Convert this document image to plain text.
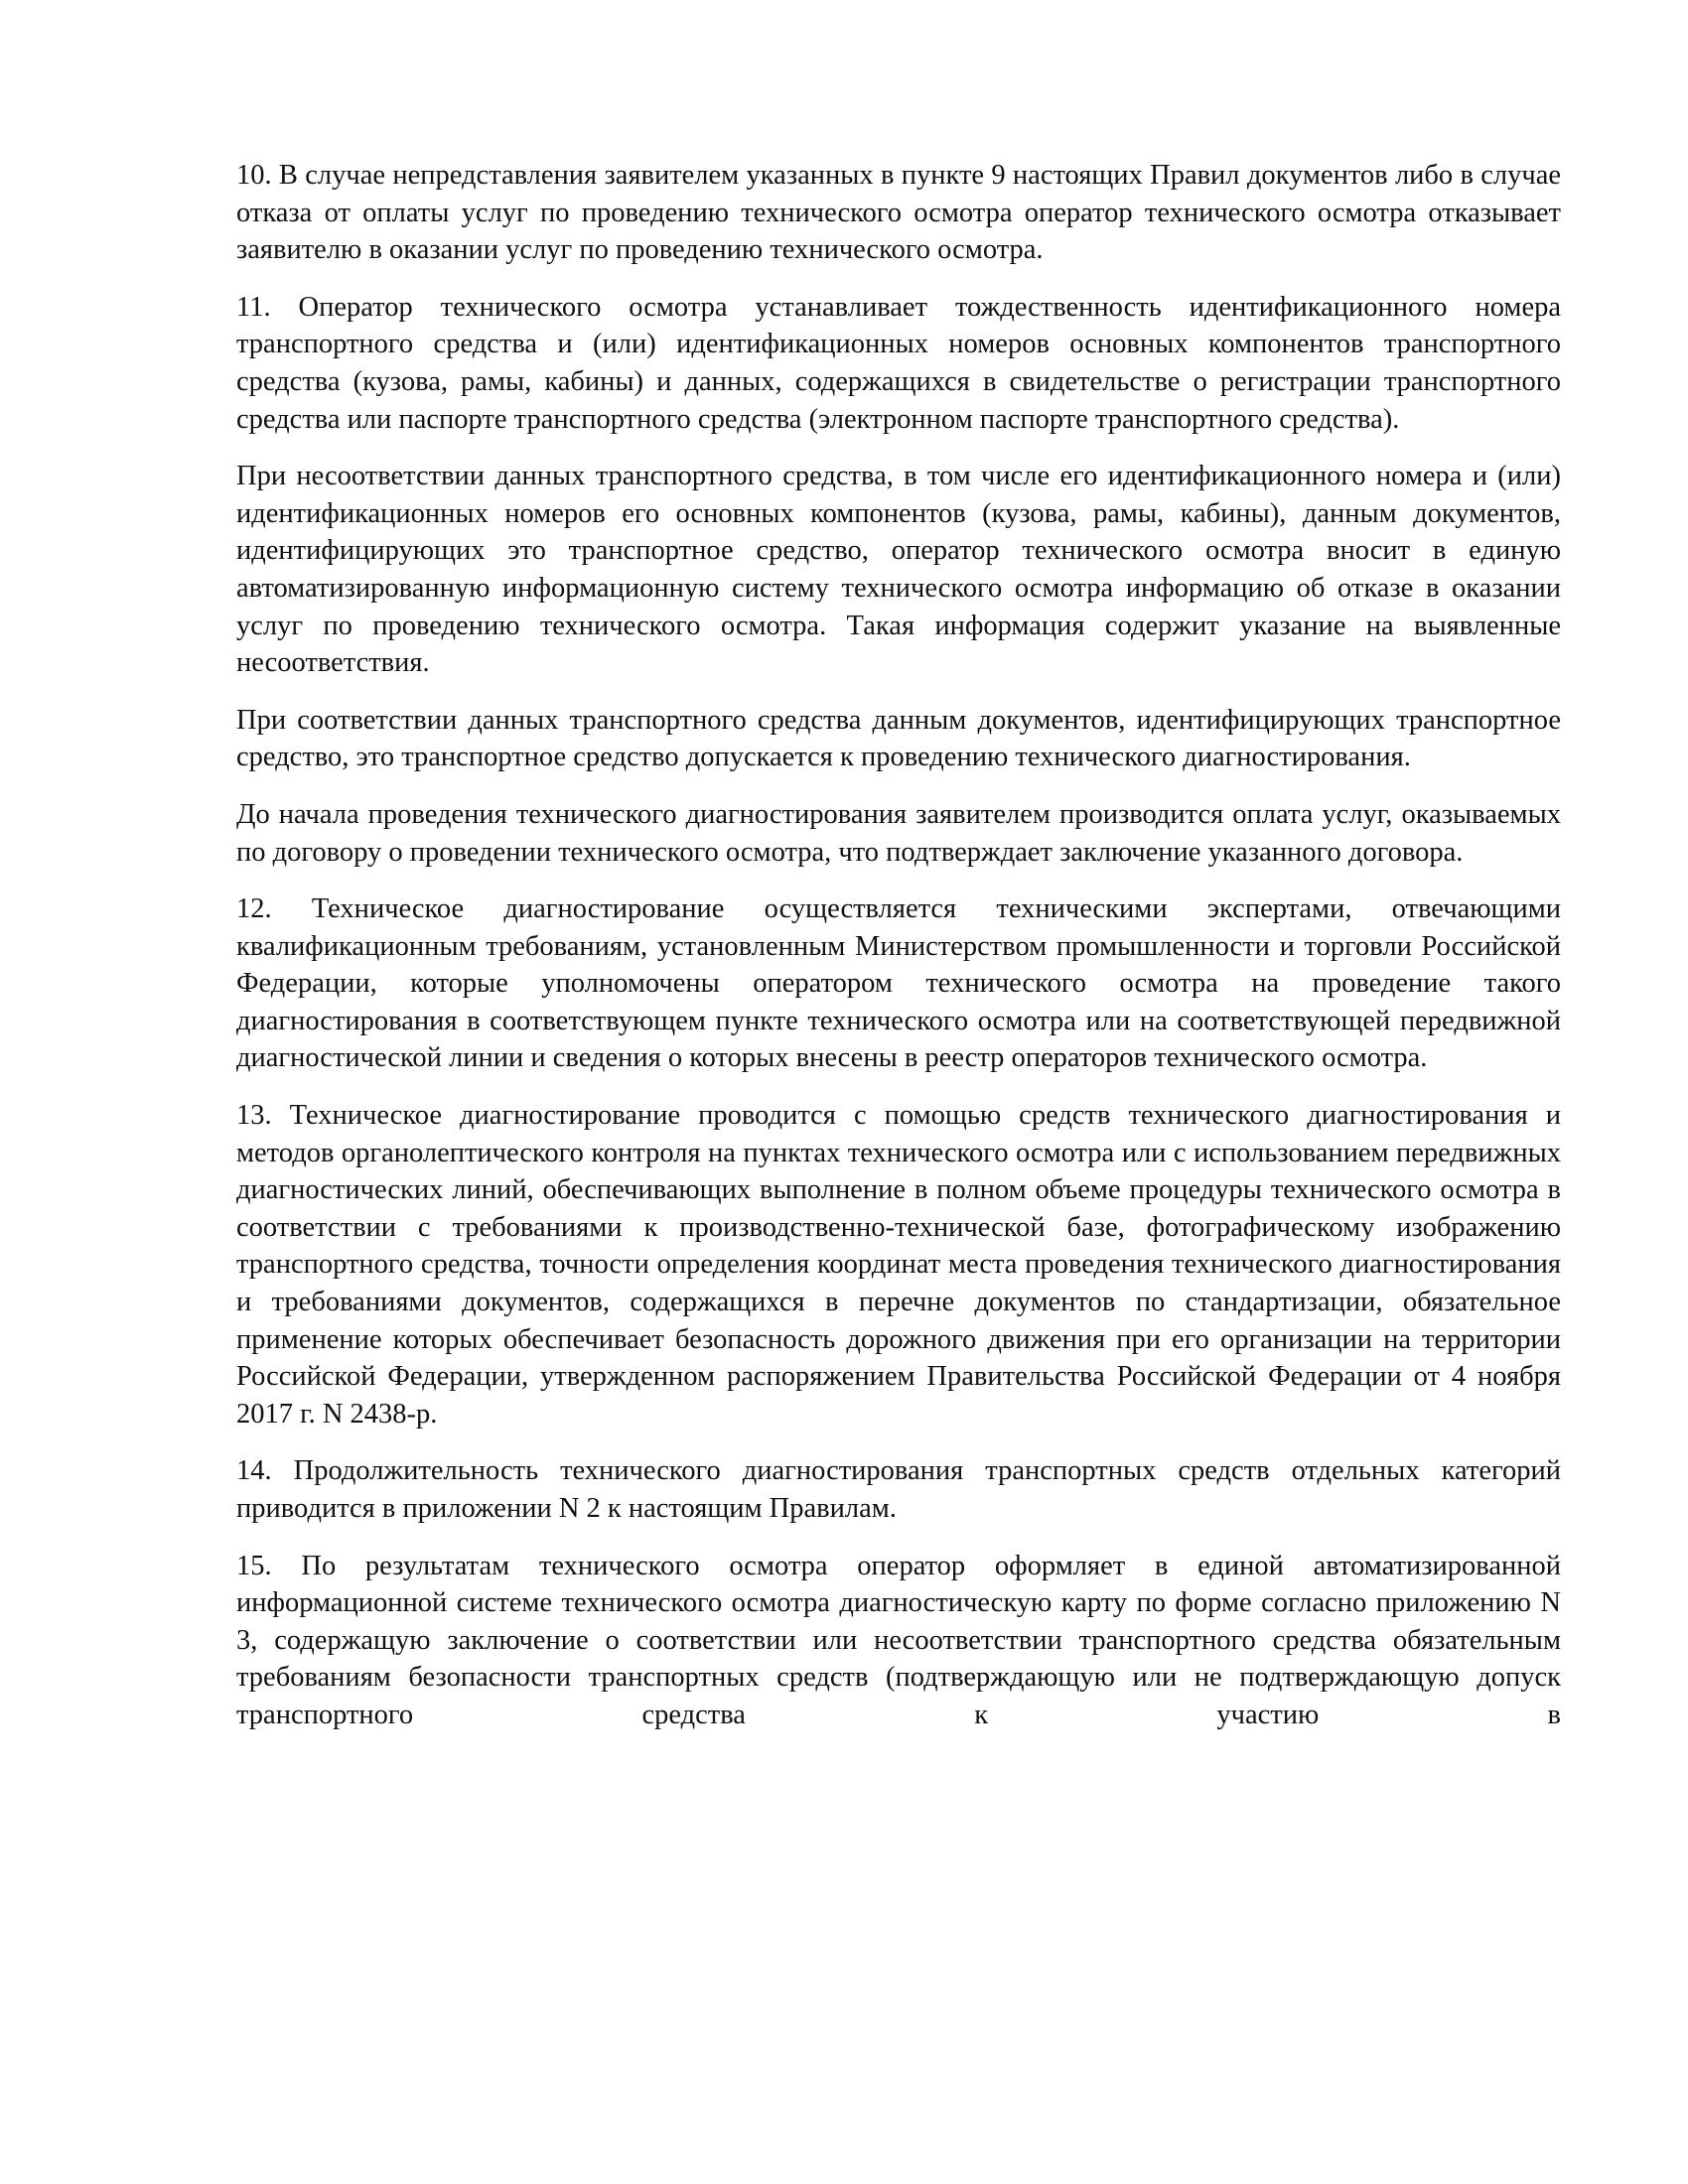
10. В случае непредставления заявителем указанных в пункте 9 настоящих Правил документов либо в случае отказа от оплаты услуг по проведению технического осмотра оператор технического осмотра отказывает заявителю в оказании услуг по проведению технического осмотра.

11. Оператор технического осмотра устанавливает тождественность идентификационного номера транспортного средства и (или) идентификационных номеров основных компонентов транспортного средства (кузова, рамы, кабины) и данных, содержащихся в свидетельстве о регистрации транспортного средства или паспорте транспортного средства (электронном паспорте транспортного средства).

При несоответствии данных транспортного средства, в том числе его идентификационного номера и (или) идентификационных номеров его основных компонентов (кузова, рамы, кабины), данным документов, идентифицирующих это транспортное средство, оператор технического осмотра вносит в единую автоматизированную информационную систему технического осмотра информацию об отказе в оказании услуг по проведению технического осмотра. Такая информация содержит указание на выявленные несоответствия.

При соответствии данных транспортного средства данным документов, идентифицирующих транспортное средство, это транспортное средство допускается к проведению технического диагностирования.

До начала проведения технического диагностирования заявителем производится оплата услуг, оказываемых по договору о проведении технического осмотра, что подтверждает заключение указанного договора.

12. Техническое диагностирование осуществляется техническими экспертами, отвечающими квалификационным требованиям, установленным Министерством промышленности и торговли Российской Федерации, которые уполномочены оператором технического осмотра на проведение такого диагностирования в соответствующем пункте технического осмотра или на соответствующей передвижной диагностической линии и сведения о которых внесены в реестр операторов технического осмотра.

13. Техническое диагностирование проводится с помощью средств технического диагностирования и методов органолептического контроля на пунктах технического осмотра или с использованием передвижных диагностических линий, обеспечивающих выполнение в полном объеме процедуры технического осмотра в соответствии с требованиями к производственно-технической базе, фотографическому изображению транспортного средства, точности определения координат места проведения технического диагностирования и требованиями документов, содержащихся в перечне документов по стандартизации, обязательное применение которых обеспечивает безопасность дорожного движения при его организации на территории Российской Федерации, утвержденном распоряжением Правительства Российской Федерации от 4 ноября 2017 г. N 2438-р.

14. Продолжительность технического диагностирования транспортных средств отдельных категорий приводится в приложении N 2 к настоящим Правилам.

15. По результатам технического осмотра оператор оформляет в единой автоматизированной информационной системе технического осмотра диагностическую карту по форме согласно приложению N 3, содержащую заключение о соответствии или несоответствии транспортного средства обязательным требованиям безопасности транспортных средств (подтверждающую или не подтверждающую допуск транспортного средства к участию в
